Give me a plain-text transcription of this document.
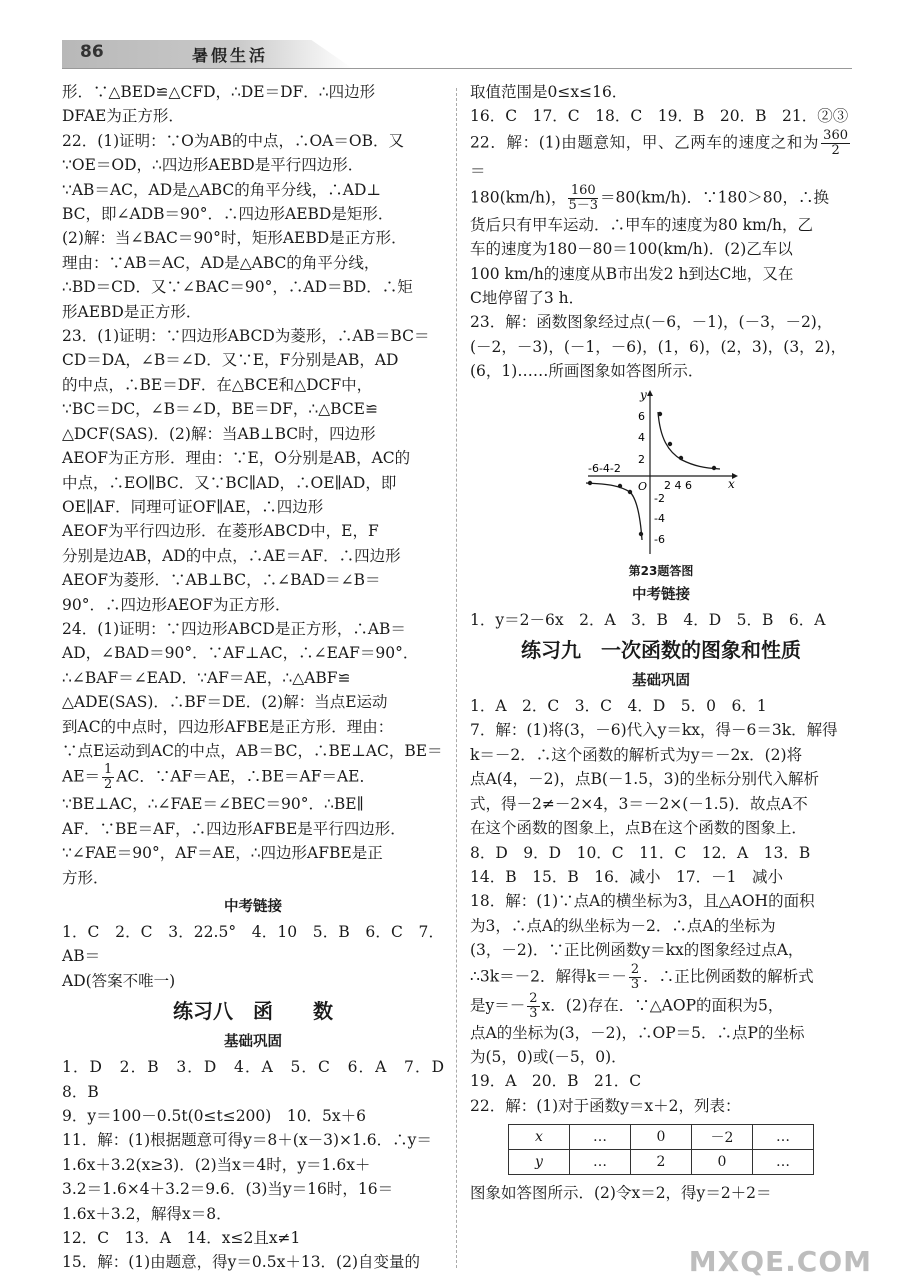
86	暑假生活

形．∵△BED≌△CFD，∴DE＝DF．∴四边形

DFAE为正方形．

22．(1)证明：∵O为AB的中点，∴OA＝OB．又

∵OE＝OD，∴四边形AEBD是平行四边形．

∵AB＝AC，AD是△ABC的角平分线，∴AD⊥

BC，即∠ADB＝90°．∴四边形AEBD是矩形．

(2)解：当∠BAC＝90°时，矩形AEBD是正方形．

理由：∵AB＝AC，AD是△ABC的角平分线，

∴BD＝CD．又∵∠BAC＝90°，∴AD＝BD．∴矩

形AEBD是正方形．

23．(1)证明：∵四边形ABCD为菱形，∴AB＝BC＝

CD＝DA，∠B＝∠D．又∵E，F分别是AB，AD

的中点，∴BE＝DF．在△BCE和△DCF中，

∵BC＝DC，∠B＝∠D，BE＝DF，∴△BCE≌

△DCF(SAS)．(2)解：当AB⊥BC时，四边形

AEOF为正方形．理由：∵E，O分别是AB，AC的

中点，∴EO∥BC．又∵BC∥AD，∴OE∥AD，即

OE∥AF．同理可证OF∥AE，∴四边形

AEOF为平行四边形．在菱形ABCD中，E，F

分别是边AB，AD的中点，∴AE＝AF．∴四边形

AEOF为菱形．∵AB⊥BC，∴∠BAD＝∠B＝

90°．∴四边形AEOF为正方形．

24．(1)证明：∵四边形ABCD是正方形，∴AB＝

AD，∠BAD＝90°．∵AF⊥AC，∴∠EAF＝90°．

∴∠BAF＝∠EAD．∵AF＝AE，∴△ABF≌

△ADE(SAS)．∴BF＝DE．(2)解：当点E运动

到AC的中点时，四边形AFBE是正方形．理由：

∵点E运动到AC的中点，AB＝BC，∴BE⊥AC，BE＝

$AE= \frac{1}{2}$ AC．∵AF＝AE，∴BE＝AF＝AE．

∵BE⊥AC，∴∠FAE＝∠BEC＝90°．∴BE∥

AF．∵BE＝AF，∴四边形AFBE是平行四边形．

∵∠FAE＝90°，AF＝AE，∴四边形AFBE是正

方形．

中考链接

1．C　2．C　3．22.5°　4．10　5．B　6．C　7．AB＝

AD(答案不唯一)

练习八　函　　数

基础巩固

1．D　2．B　3．D　4．A　5．C　6．A　7．D　8．B

9．y＝100－0.5t(0≤t≤200)　10．5x＋6

11．解：(1)根据题意可得y＝8＋(x－3)×1.6．∴y＝

1.6x＋3.2(x≥3)．(2)当x＝4时，y＝1.6x＋

3.2＝1.6×4＋3.2＝9.6．(3)当y＝16时，16＝

1.6x＋3.2，解得x＝8．

12．C　13．A　14．x≤2且x≠1

15．解：(1)由题意，得y＝0.5x＋13．(2)自变量的

取值范围是0≤x≤16．

16．C　17．C　18．C　19．B　20．B　21．②③

22．解：(1)由题意知，甲、乙两车的速度之和为 $\frac{360}{2}$
＝

180(km/h)， $\frac{160}{5-3} =80(km/h)$．∵180＞80，∴换

货后只有甲车运动．∴甲车的速度为80 km/h，乙

车的速度为180－80＝100(km/h)．(2)乙车以

100 km/h的速度从B市出发2 h到达C地，又在

C地停留了3 h．

23．解：函数图象经过点(－6，－1)，(－3，－2)，

(－2，－3)，(－1，－6)，(1，6)，(2，3)，(3，2)，

(6，1)……所画图象如答图所示．

y
x
O
6
4
2
-2
-4
-6
-6-4-2
2 4 6

第23题答图

中考链接

1．y＝2－6x　2．A　3．B　4．D　5．B　6．A

练习九　一次函数的图象和性质

基础巩固

1．A　2．C　3．C　4．D　5．0　6．1

7．解：(1)将(3，－6)代入y＝kx，得－6＝3k．解得

k＝－2．∴这个函数的解析式为y＝－2x．(2)将

点A(4，－2)，点B(－1.5，3)的坐标分别代入解析

式，得－2≠－2×4，3＝－2×(－1.5)．故点A不

在这个函数的图象上，点B在这个函数的图象上．

8．D　9．D　10．C　11．C　12．A　13．B

14．B　15．B　16．减小　17．－1　减小

18．解：(1)∵点A的横坐标为3，且△AOH的面积

为3，∴点A的纵坐标为－2．∴点A的坐标为

(3，－2)．∵正比例函数y＝kx的图象经过点A，

∴3k＝－2．解得$k=- \frac{2}{3}$ ．∴正比例函数的解析式

是$y=- \frac{2}{3}$ x．(2)存在．∵△AOP的面积为5，

点A的坐标为(3，－2)，∴OP＝5．∴点P的坐标

为(5，0)或(－5，0)．

19．A　20．B　21．C

22．解：(1)对于函数y＝x＋2，列表：

x	…	0	－2	…
y	…	2	0	…

图象如答图所示．(2)令x＝2，得y＝2＋2＝

MXQE.COM
